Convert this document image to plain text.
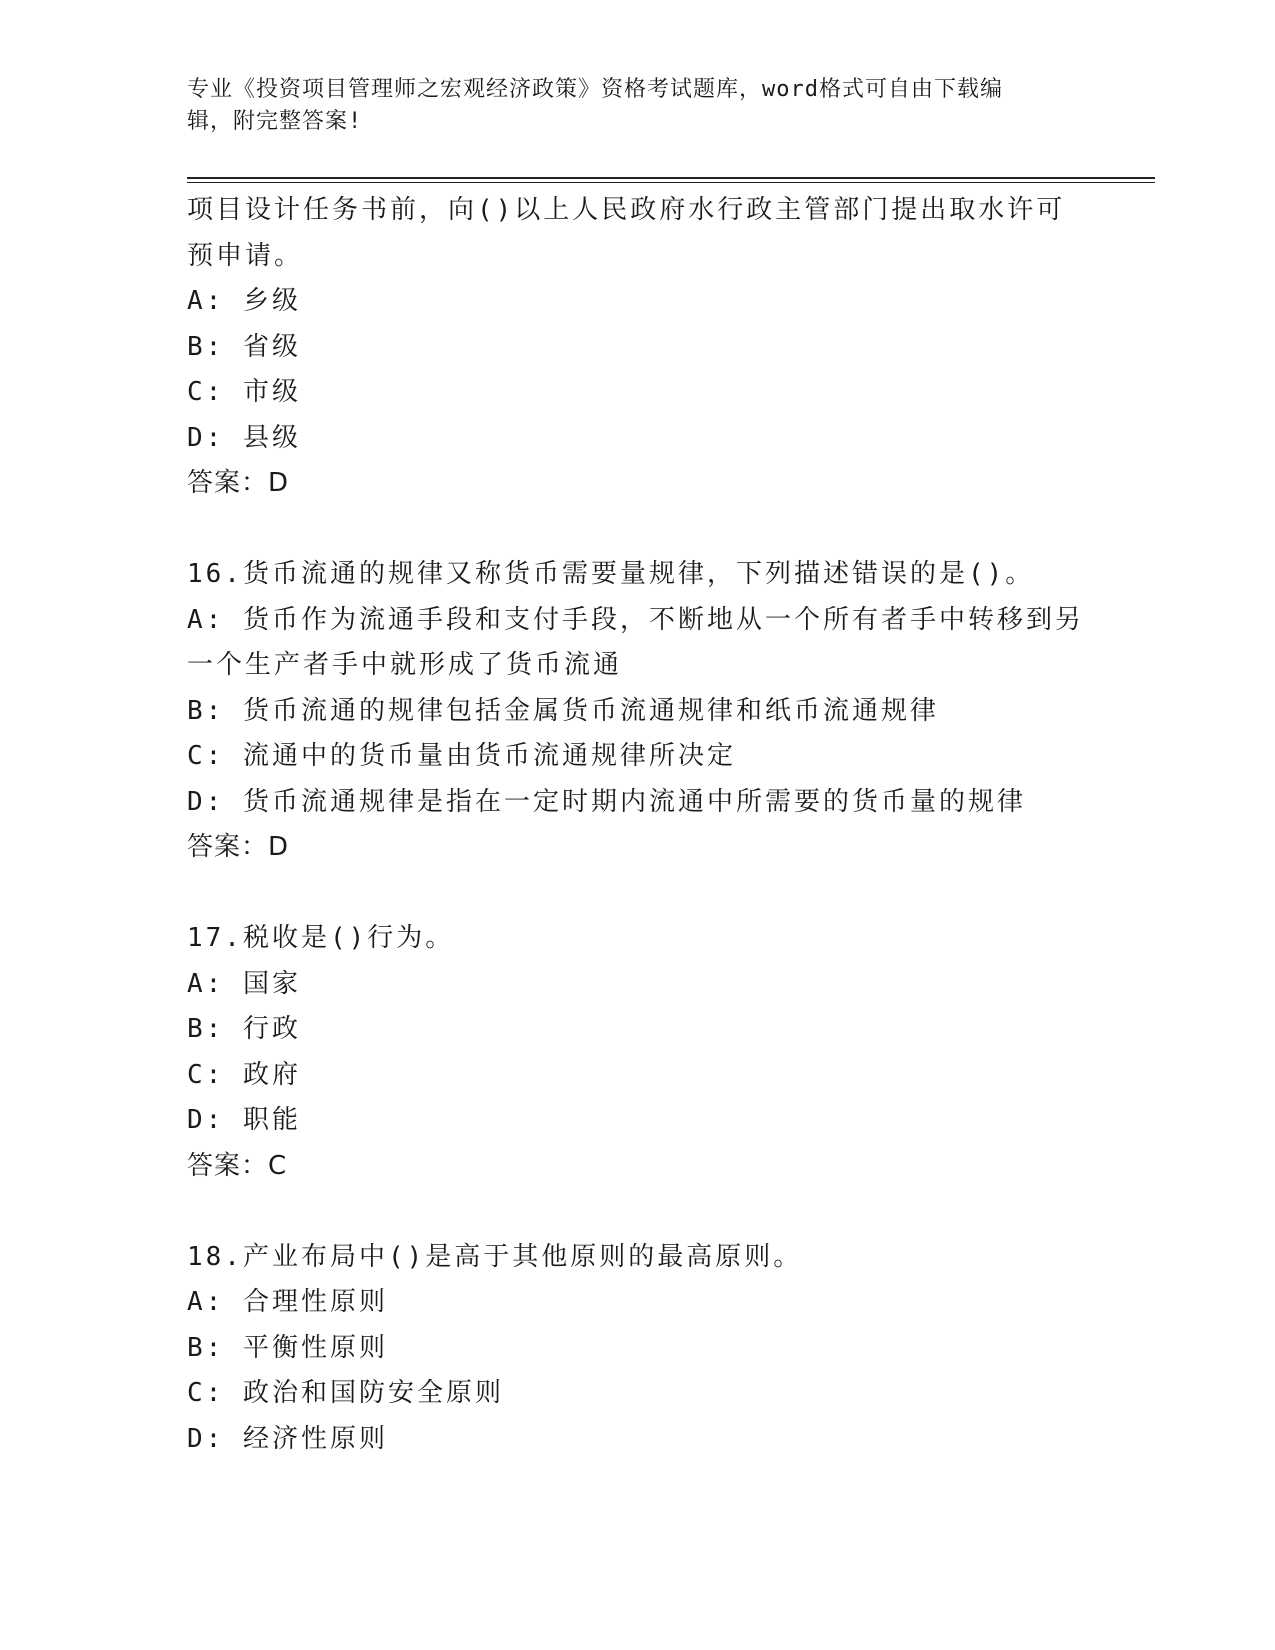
专业《投资项目管理师之宏观经济政策》资格考试题库，word格式可自由下载编
辑，附完整答案!
项目设计任务书前，向()以上人民政府水行政主管部门提出取水许可
预申请。
A: 乡级
B: 省级
C: 市级
D: 县级
答案：D
16.货币流通的规律又称货币需要量规律，下列描述错误的是()。
A: 货币作为流通手段和支付手段，不断地从一个所有者手中转移到另
一个生产者手中就形成了货币流通
B: 货币流通的规律包括金属货币流通规律和纸币流通规律
C: 流通中的货币量由货币流通规律所决定
D: 货币流通规律是指在一定时期内流通中所需要的货币量的规律
答案：D
17.税收是()行为。
A: 国家
B: 行政
C: 政府
D: 职能
答案：C
18.产业布局中()是高于其他原则的最高原则。
A: 合理性原则
B: 平衡性原则
C: 政治和国防安全原则
D: 经济性原则
